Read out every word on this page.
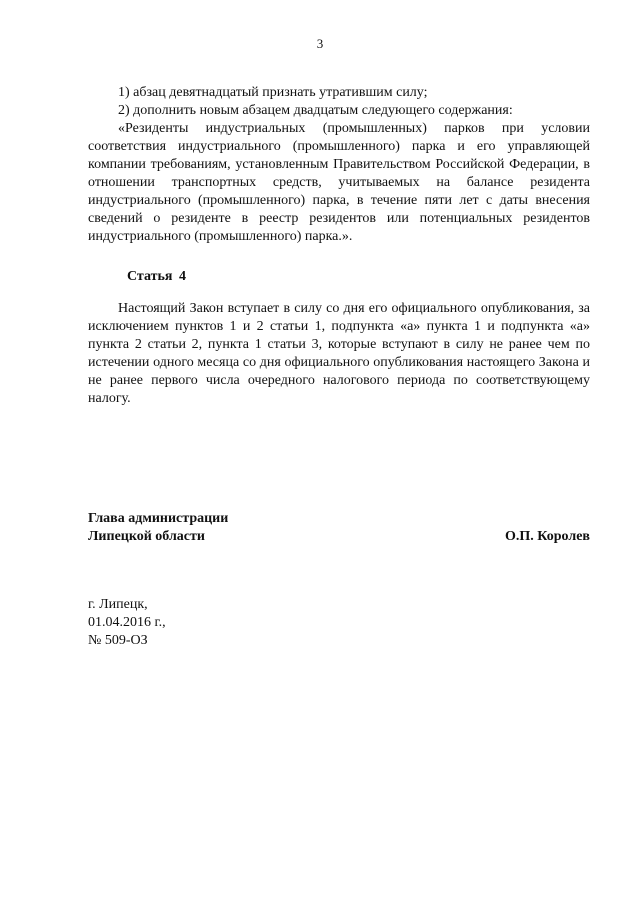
3

1) абзац девятнадцатый признать утратившим силу;

2) дополнить новым абзацем двадцатым следующего содержания:

«Резиденты индустриальных (промышленных) парков при условии соответствия индустриального (промышленного) парка и его управляющей компании требованиям, установленным Правительством Российской Федерации, в отношении транспортных средств, учитываемых на балансе резидента индустриального (промышленного) парка, в течение пяти лет с даты внесения сведений о резиденте в реестр резидентов или потенциальных резидентов индустриального (промышленного) парка.».

Статья 4

Настоящий Закон вступает в силу со дня его официального опубликования, за исключением пунктов 1 и 2 статьи 1, подпункта «а» пункта 1 и подпункта «а» пункта 2 статьи 2, пункта 1 статьи 3, которые вступают в силу не ранее чем по истечении одного месяца со дня официального опубликования настоящего Закона и не ранее первого числа очередного налогового периода по соответствующему налогу.

Глава администрации
Липецкой области	О.П. Королев
г. Липецк,
01.04.2016 г.,
№ 509-ОЗ
